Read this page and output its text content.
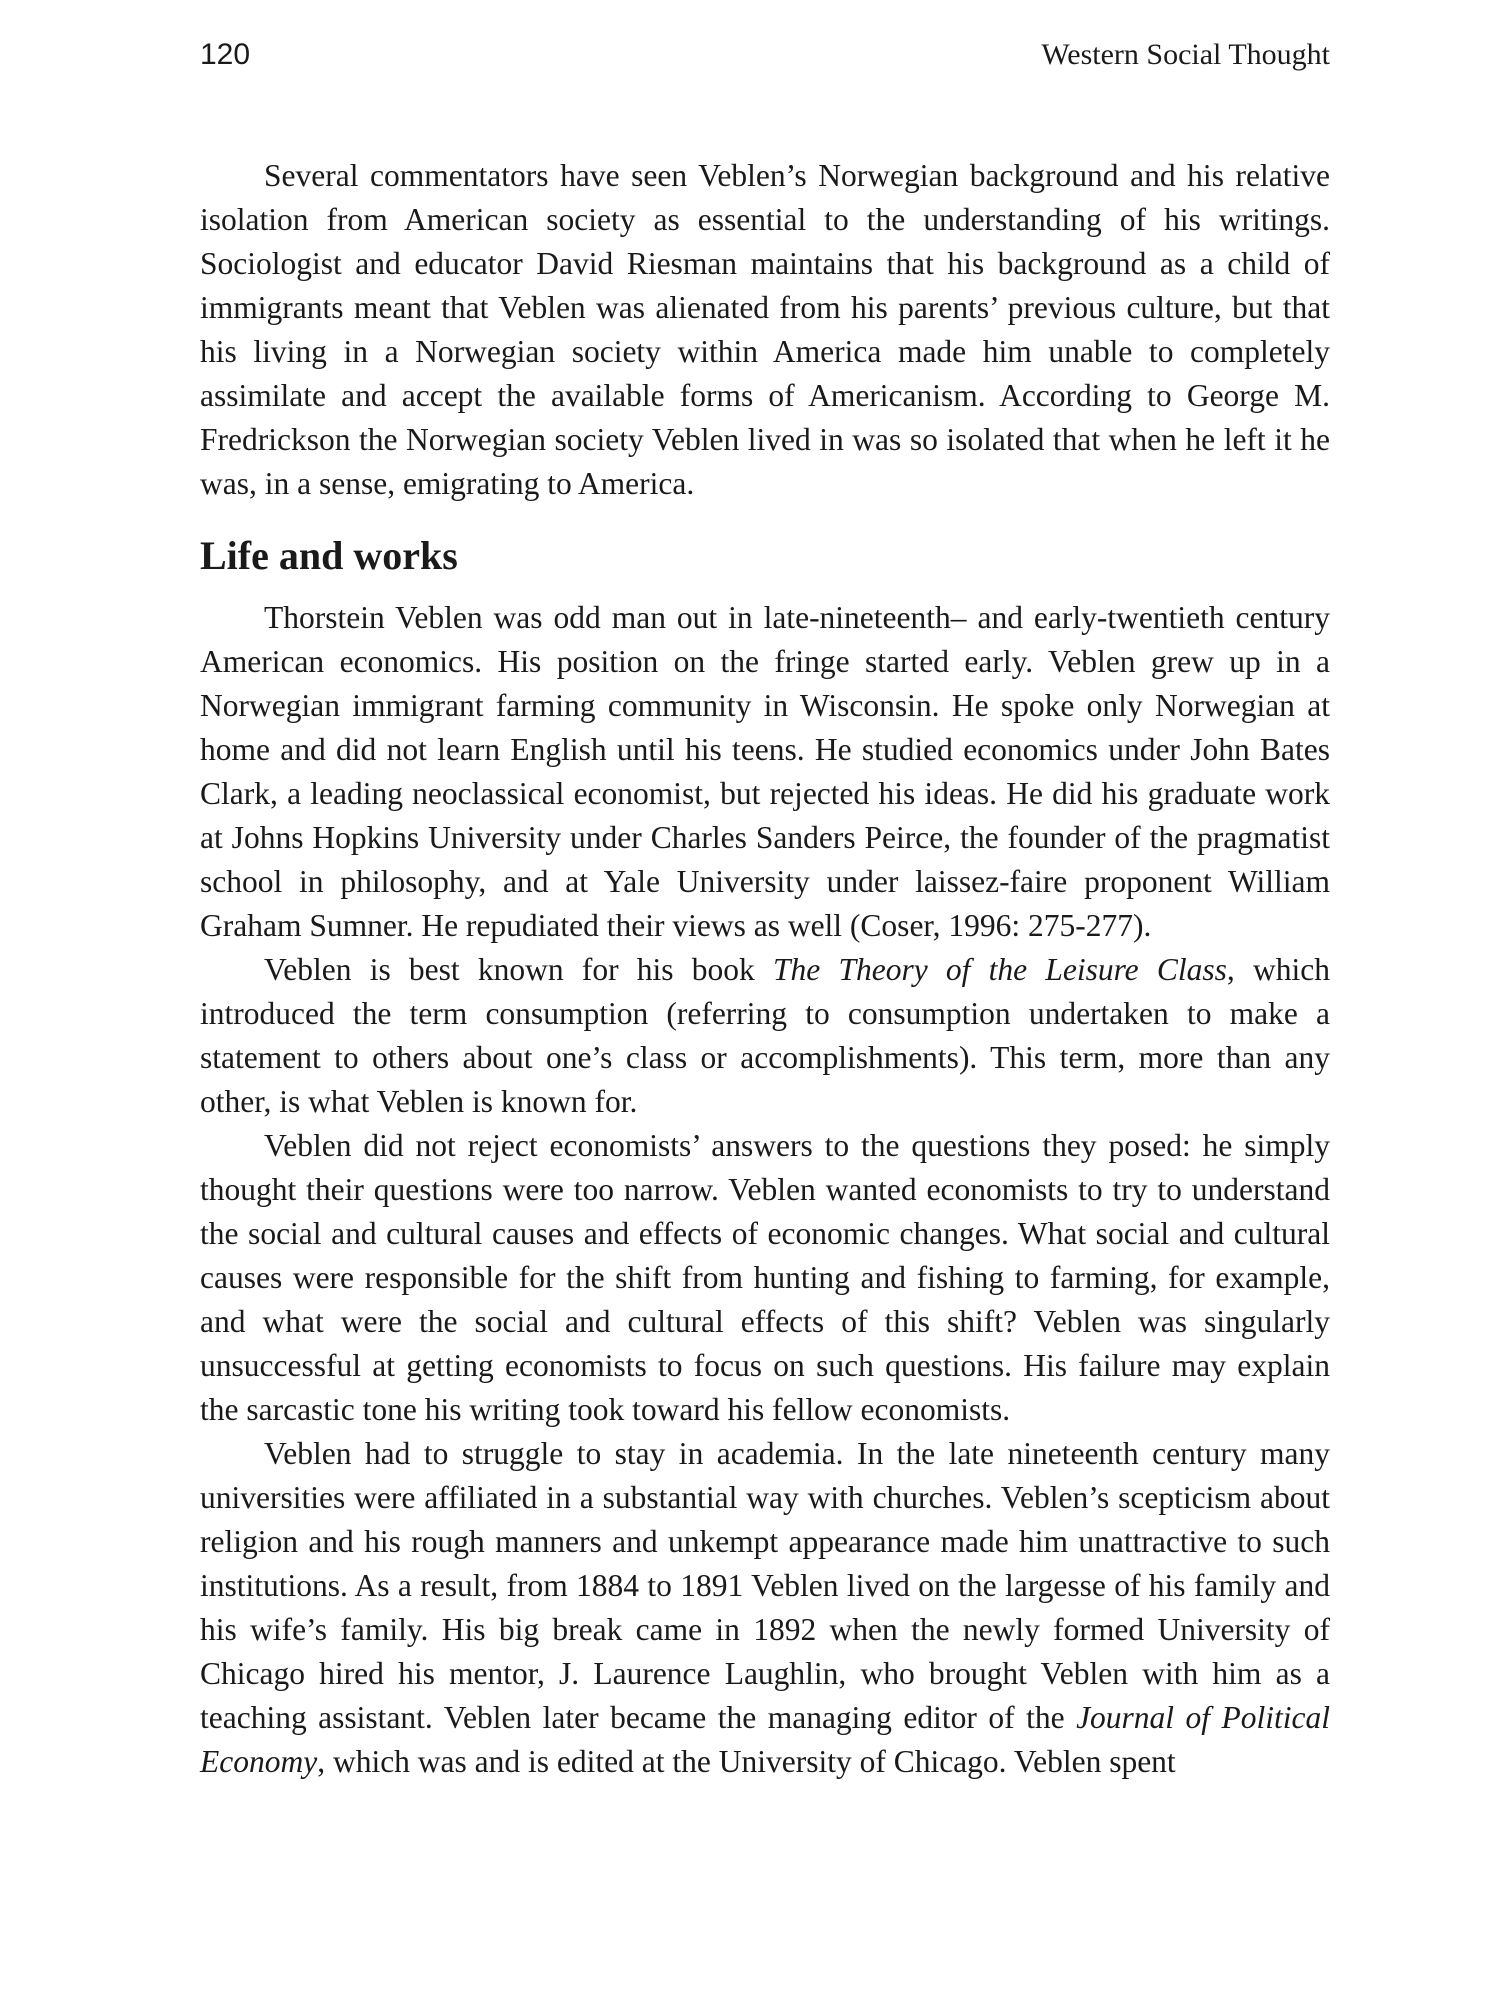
120	Western Social Thought

Several commentators have seen Veblen’s Norwegian background and his relative isolation from American society as essential to the understanding of his writings. Sociologist and educator David Riesman maintains that his background as a child of immigrants meant that Veblen was alienated from his parents’ previous culture, but that his living in a Norwegian society within America made him unable to completely assimilate and accept the available forms of Americanism. According to George M. Fredrickson the Norwegian society Veblen lived in was so isolated that when he left it he was, in a sense, emigrating to America.

Life and works

Thorstein Veblen was odd man out in late-nineteenth– and early-twentieth century American economics. His position on the fringe started early. Veblen grew up in a Norwegian immigrant farming community in Wisconsin. He spoke only Norwegian at home and did not learn English until his teens. He studied economics under John Bates Clark, a leading neoclassical economist, but rejected his ideas. He did his graduate work at Johns Hopkins University under Charles Sanders Peirce, the founder of the pragmatist school in philosophy, and at Yale University under laissez-faire proponent William Graham Sumner. He repudiated their views as well (Coser, 1996: 275-277).

Veblen is best known for his book The Theory of the Leisure Class, which introduced the term consumption (referring to consumption undertaken to make a statement to others about one’s class or accomplishments). This term, more than any other, is what Veblen is known for.

Veblen did not reject economists’ answers to the questions they posed: he simply thought their questions were too narrow. Veblen wanted economists to try to understand the social and cultural causes and effects of economic changes. What social and cultural causes were responsible for the shift from hunting and fishing to farming, for example, and what were the social and cultural effects of this shift? Veblen was singularly unsuccessful at getting economists to focus on such questions. His failure may explain the sarcastic tone his writing took toward his fellow economists.

Veblen had to struggle to stay in academia. In the late nineteenth century many universities were affiliated in a substantial way with churches. Veblen’s scepticism about religion and his rough manners and unkempt appearance made him unattractive to such institutions. As a result, from 1884 to 1891 Veblen lived on the largesse of his family and his wife’s family. His big break came in 1892 when the newly formed University of Chicago hired his mentor, J. Laurence Laughlin, who brought Veblen with him as a teaching assistant. Veblen later became the managing editor of the Journal of Political Economy, which was and is edited at the University of Chicago. Veblen spent
